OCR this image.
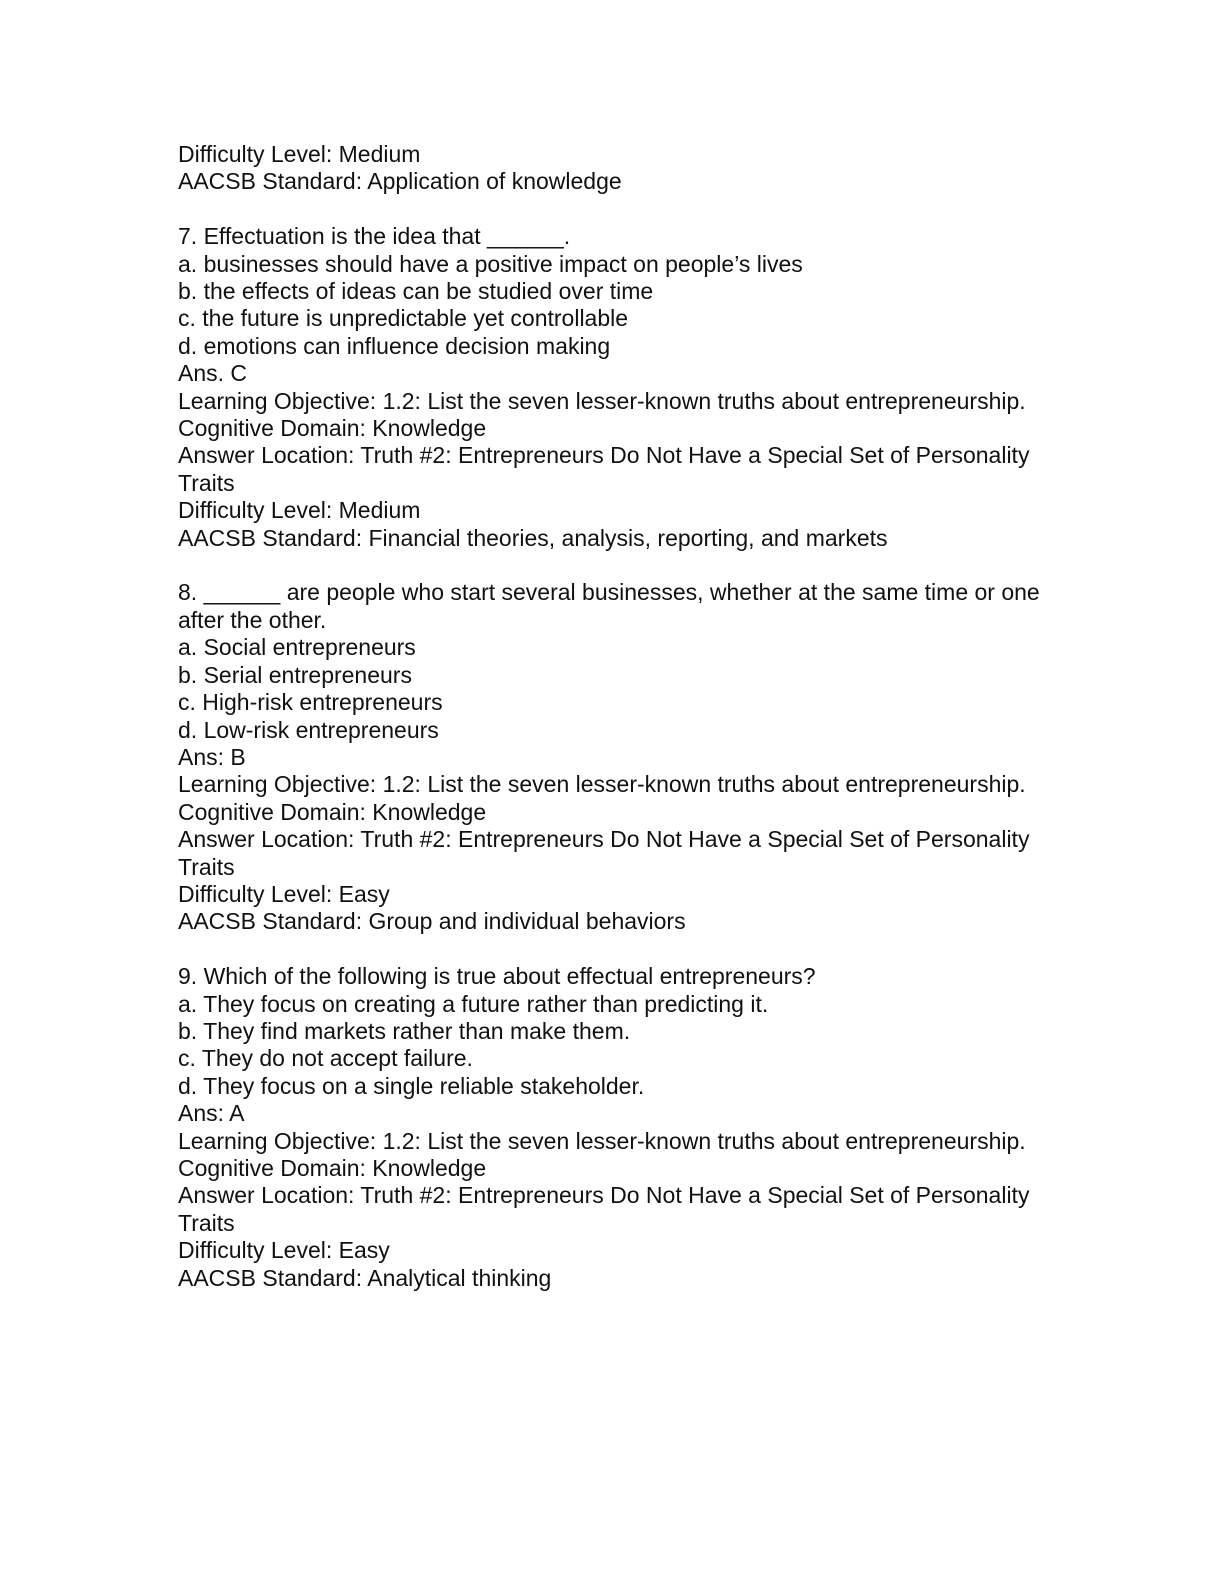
Difficulty Level: Medium
AACSB Standard: Application of knowledge
7. Effectuation is the idea that ______.
a. businesses should have a positive impact on people’s lives
b. the effects of ideas can be studied over time
c. the future is unpredictable yet controllable
d. emotions can influence decision making
Ans. C
Learning Objective: 1.2: List the seven lesser-known truths about entrepreneurship.
Cognitive Domain: Knowledge
Answer Location: Truth #2: Entrepreneurs Do Not Have a Special Set of Personality Traits
Difficulty Level: Medium
AACSB Standard: Financial theories, analysis, reporting, and markets
8. ______ are people who start several businesses, whether at the same time or one after the other.
a. Social entrepreneurs
b. Serial entrepreneurs
c. High-risk entrepreneurs
d. Low-risk entrepreneurs
Ans: B
Learning Objective: 1.2: List the seven lesser-known truths about entrepreneurship.
Cognitive Domain: Knowledge
Answer Location: Truth #2: Entrepreneurs Do Not Have a Special Set of Personality Traits
Difficulty Level: Easy
AACSB Standard: Group and individual behaviors
9. Which of the following is true about effectual entrepreneurs?
a. They focus on creating a future rather than predicting it.
b. They find markets rather than make them.
c. They do not accept failure.
d. They focus on a single reliable stakeholder.
Ans: A
Learning Objective: 1.2: List the seven lesser-known truths about entrepreneurship.
Cognitive Domain: Knowledge
Answer Location: Truth #2: Entrepreneurs Do Not Have a Special Set of Personality Traits
Difficulty Level: Easy
AACSB Standard: Analytical thinking
